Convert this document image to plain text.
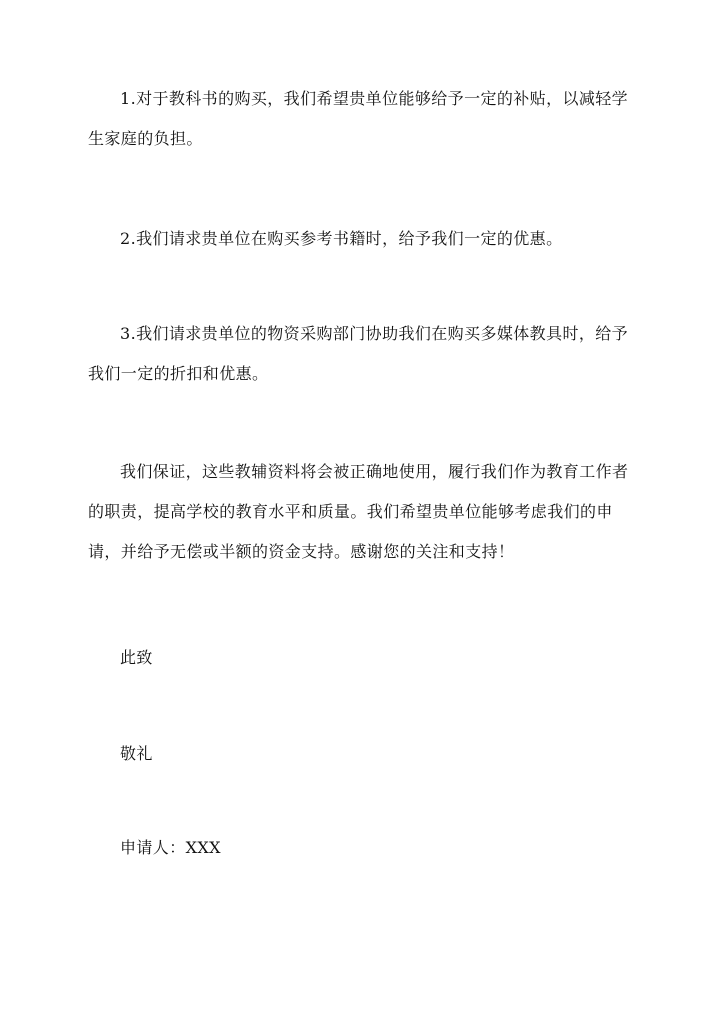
1.对于教科书的购买，我们希望贵单位能够给予一定的补贴，以减轻学生家庭的负担。

2.我们请求贵单位在购买参考书籍时，给予我们一定的优惠。

3.我们请求贵单位的物资采购部门协助我们在购买多媒体教具时，给予我们一定的折扣和优惠。

我们保证，这些教辅资料将会被正确地使用，履行我们作为教育工作者的职责，提高学校的教育水平和质量。我们希望贵单位能够考虑我们的申请，并给予无偿或半额的资金支持。感谢您的关注和支持！

此致

敬礼

申请人：XXX
